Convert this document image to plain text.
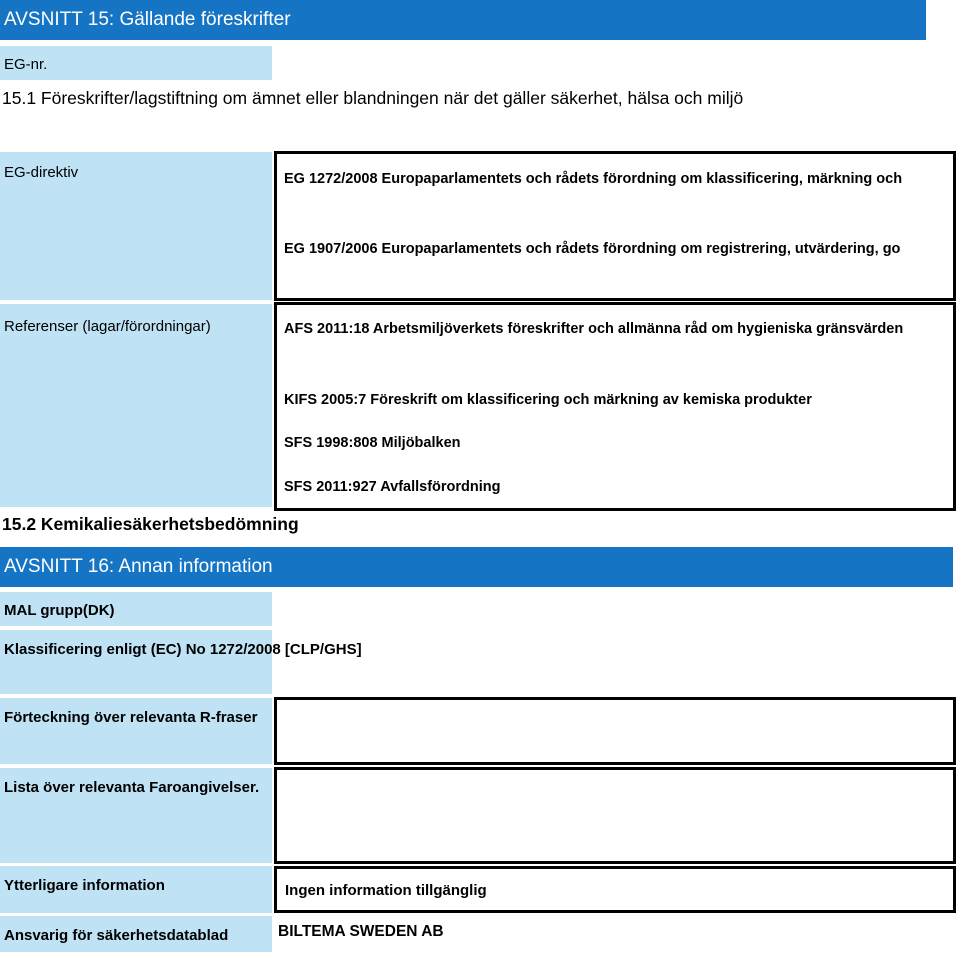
AVSNITT 15: Gällande föreskrifter
EG-nr.
15.1 Föreskrifter/lagstiftning om ämnet eller blandningen när det gäller säkerhet, hälsa och miljö
EG-direktiv	EG 1272/2008 Europaparlamentets och rådets förordning om klassificering, märkning och
EG 1907/2006 Europaparlamentets och rådets förordning om registrering, utvärdering, go
Referenser (lagar/förordningar)	AFS 2011:18 Arbetsmiljöverkets föreskrifter och allmänna råd om hygieniska gränsvärden
KIFS 2005:7 Föreskrift om klassificering och märkning av kemiska produkter
SFS 1998:808 Miljöbalken
SFS 2011:927 Avfallsförordning
15.2 Kemikaliesäkerhetsbedömning
AVSNITT 16: Annan information
MAL grupp(DK)
Klassificering enligt (EC) No 1272/2008 [CLP/GHS]
Förteckning över relevanta R-fraser
Lista över relevanta Faroangivelser.
Ytterligare information	Ingen information tillgänglig
Ansvarig för säkerhetsdatablad	BILTEMA SWEDEN AB
